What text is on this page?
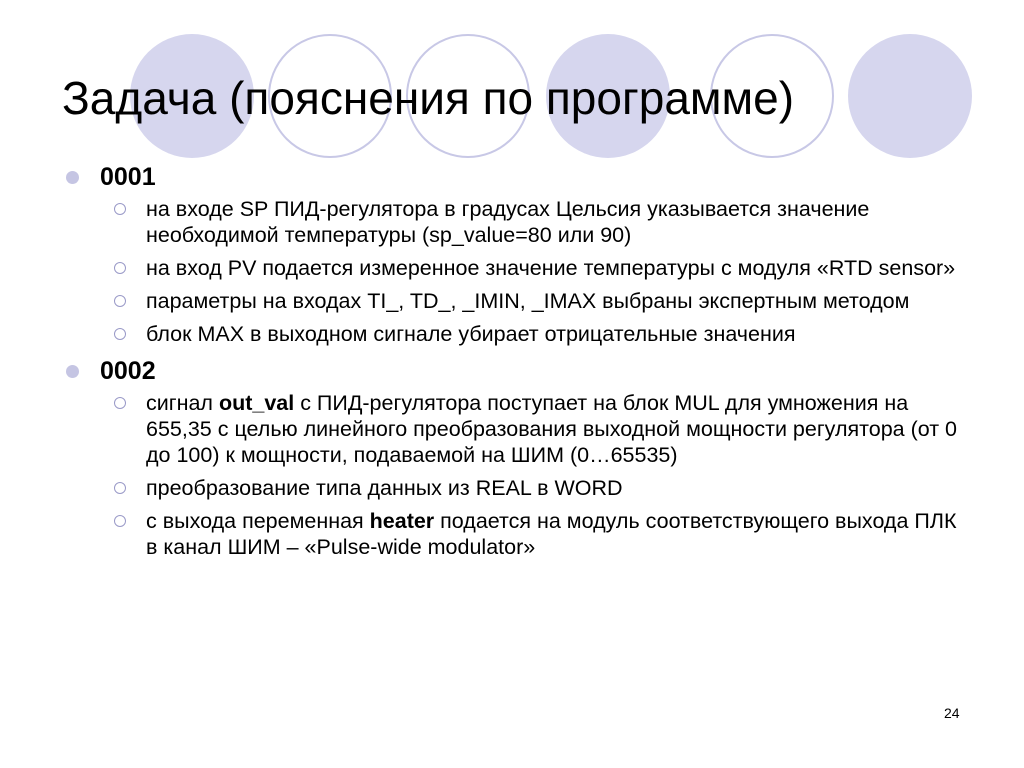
Задача (пояснения по программе)
0001
на входе SP ПИД-регулятора в градусах Цельсия указывается значение необходимой температуры (sp_value=80 или 90)
на вход PV подается измеренное значение температуры с модуля «RTD sensor»
параметры на входах TI_, TD_, _IMIN, _IMAX выбраны экспертным методом
блок MAX в выходном сигнале убирает отрицательные значения
0002
сигнал out_val с ПИД-регулятора поступает на блок MUL для умножения на 655,35 с целью линейного преобразования выходной мощности регулятора (от 0 до 100) к мощности, подаваемой на ШИМ (0…65535)
преобразование типа данных из REAL в WORD
с выхода переменная heater подается на модуль соответствующего выхода ПЛК в канал ШИМ – «Pulse-wide modulator»
24
